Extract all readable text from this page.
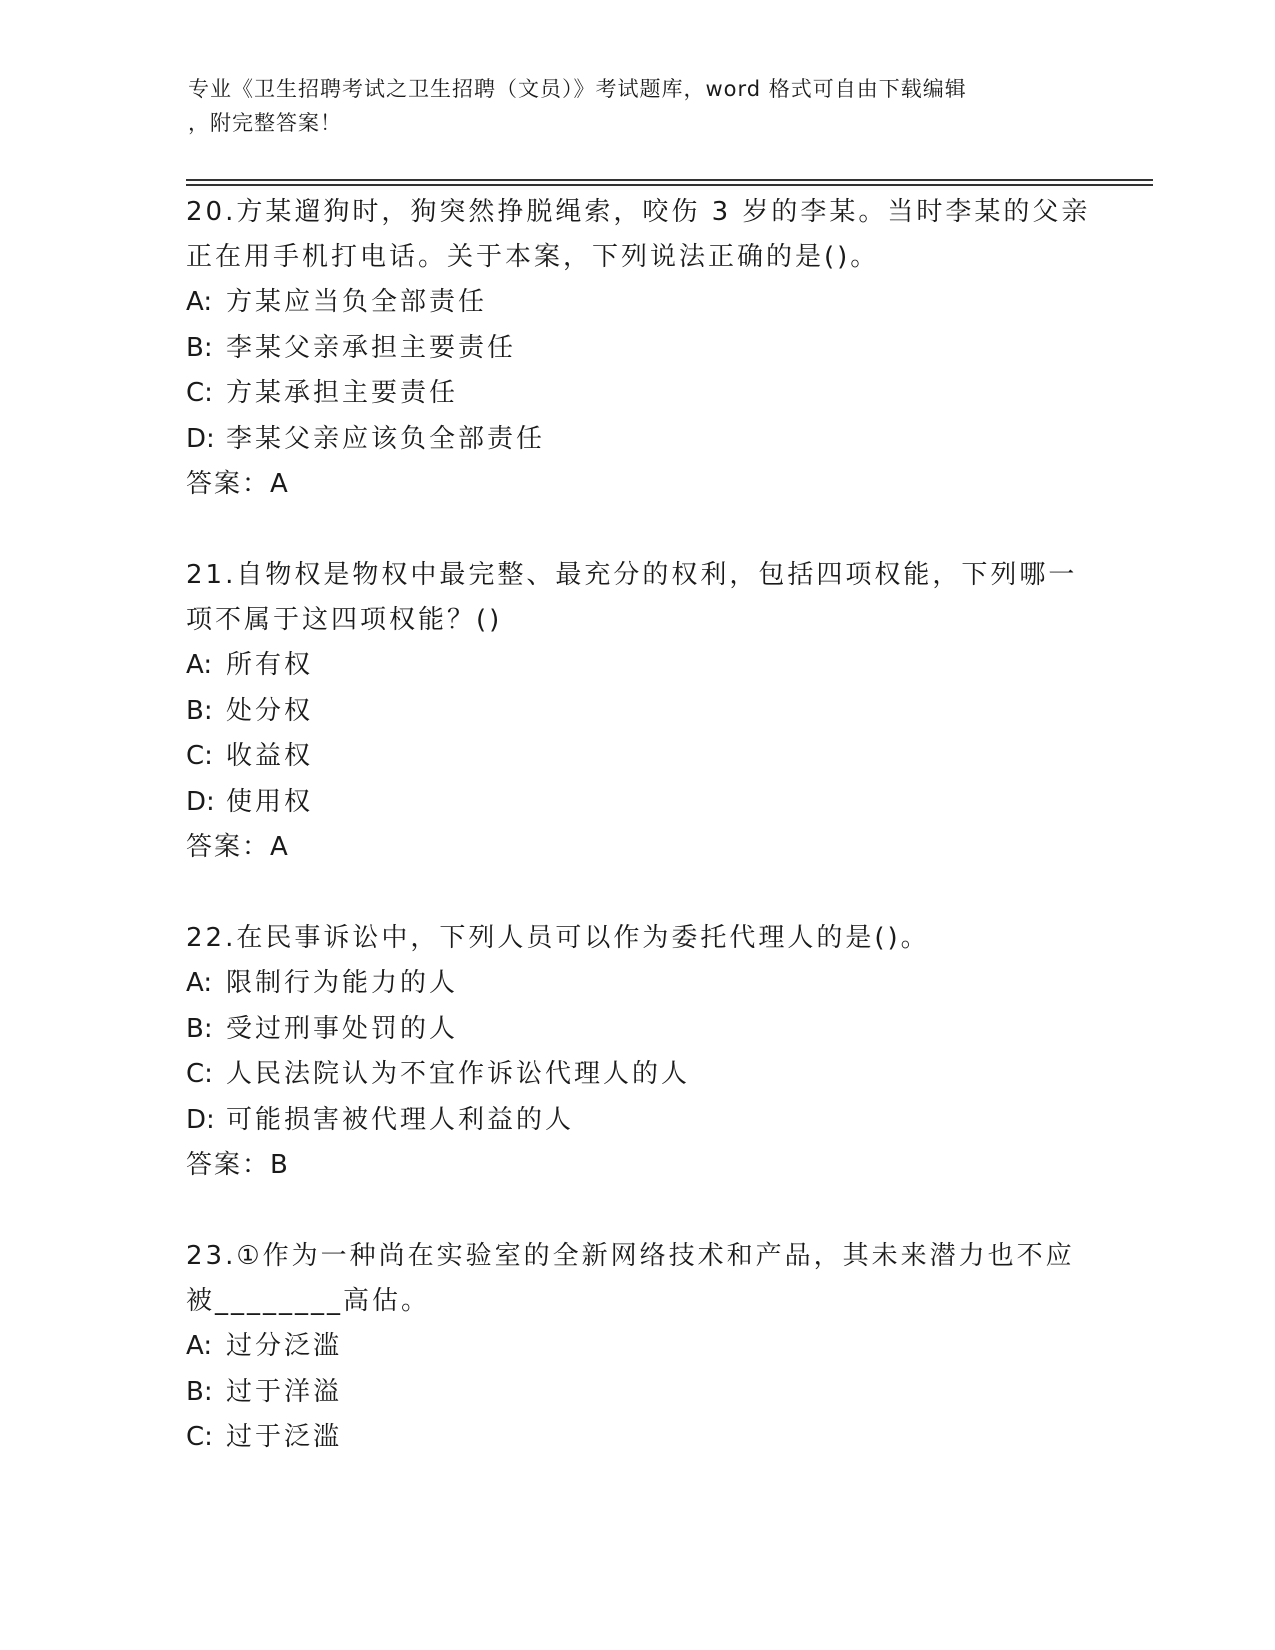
专业《卫生招聘考试之卫生招聘（文员）》考试题库，word 格式可自由下载编辑
，附完整答案！
20.方某遛狗时，狗突然挣脱绳索，咬伤 3 岁的李某。当时李某的父亲
正在用手机打电话。关于本案，下列说法正确的是()。
A: 方某应当负全部责任
B: 李某父亲承担主要责任
C: 方某承担主要责任
D: 李某父亲应该负全部责任
答案：A
21.自物权是物权中最完整、最充分的权利，包括四项权能，下列哪一
项不属于这四项权能？()
A: 所有权
B: 处分权
C: 收益权
D: 使用权
答案：A
22.在民事诉讼中，下列人员可以作为委托代理人的是()。
A: 限制行为能力的人
B: 受过刑事处罚的人
C: 人民法院认为不宜作诉讼代理人的人
D: 可能损害被代理人利益的人
答案：B
23.①作为一种尚在实验室的全新网络技术和产品，其未来潜力也不应
被________高估。
A: 过分泛滥
B: 过于洋溢
C: 过于泛滥
